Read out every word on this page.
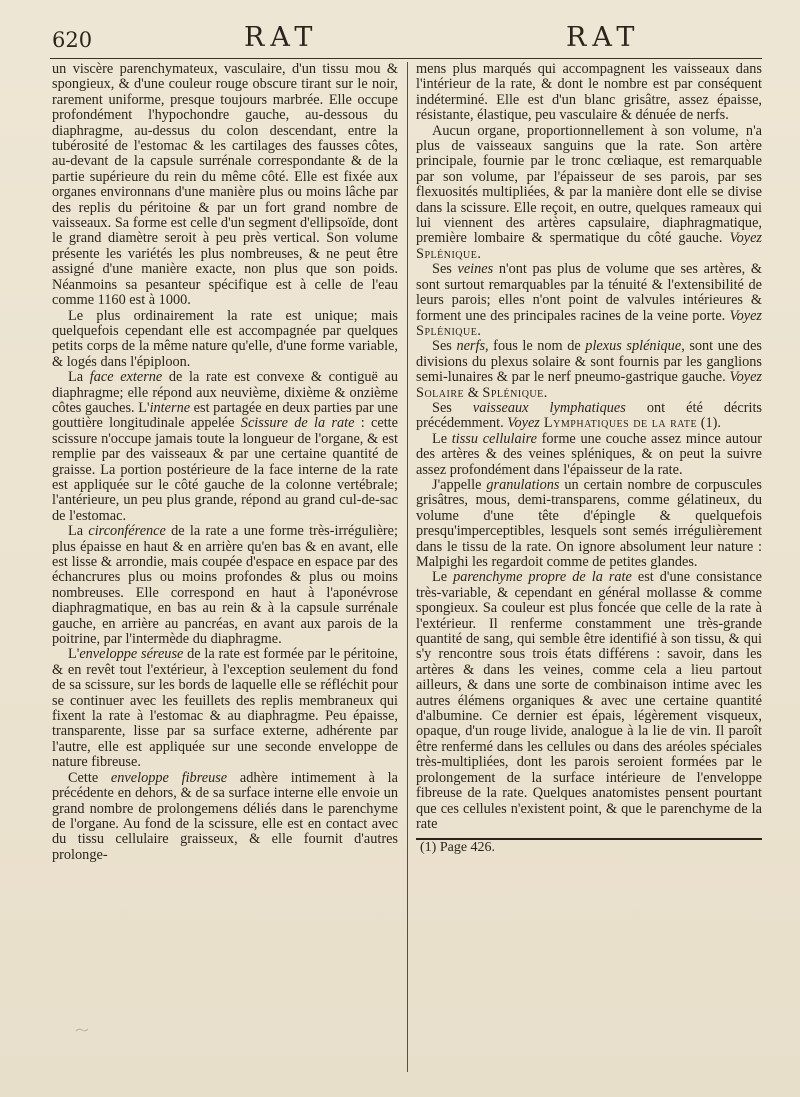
620	RAT	RAT

un viscère parenchymateux, vasculaire, d'un tissu mou & spongieux, & d'une couleur rouge obscure tirant sur le noir, rarement uniforme, presque toujours marbrée. Elle occupe profondément l'hypochondre gauche, au-dessous du diaphragme, au-dessus du colon descendant, entre la tubérosité de l'estomac & les cartilages des fausses côtes, au-devant de la capsule surrénale correspondante & de la partie supérieure du rein du même côté. Elle est fixée aux organes environnans d'une manière plus ou moins lâche par des replis du péritoine & par un fort grand nombre de vaisseaux. Sa forme est celle d'un segment d'ellipsoïde, dont le grand diamètre seroit à peu près vertical. Son volume présente les variétés les plus nombreuses, & ne peut être assigné d'une manière exacte, non plus que son poids. Néanmoins sa pesanteur spécifique est à celle de l'eau comme 1160 est à 1000.

Le plus ordinairement la rate est unique; mais quelquefois cependant elle est accompagnée par quelques petits corps de la même nature qu'elle, d'une forme variable, & logés dans l'épiploon.

La face externe de la rate est convexe & contiguë au diaphragme; elle répond aux neuvième, dixième & onzième côtes gauches. L'interne est partagée en deux parties par une gouttière longitudinale appelée Scissure de la rate : cette scissure n'occupe jamais toute la longueur de l'organe, & est remplie par des vaisseaux & par une certaine quantité de graisse. La portion postérieure de la face interne de la rate est appliquée sur le côté gauche de la colonne vertébrale; l'antérieure, un peu plus grande, répond au grand cul-de-sac de l'estomac.

La circonférence de la rate a une forme très-irrégulière; plus épaisse en haut & en arrière qu'en bas & en avant, elle est lisse & arrondie, mais coupée d'espace en espace par des échancrures plus ou moins profondes & plus ou moins nombreuses. Elle correspond en haut à l'aponévrose diaphragmatique, en bas au rein & à la capsule surrénale gauche, en arrière au pancréas, en avant aux parois de la poitrine, par l'intermède du diaphragme.

L'enveloppe séreuse de la rate est formée par le péritoine, & en revêt tout l'extérieur, à l'exception seulement du fond de sa scissure, sur les bords de laquelle elle se réfléchit pour se continuer avec les feuillets des replis membraneux qui fixent la rate à l'estomac & au diaphragme. Peu épaisse, transparente, lisse par sa surface externe, adhérente par l'autre, elle est appliquée sur une seconde enveloppe de nature fibreuse.

Cette enveloppe fibreuse adhère intimement à la précédente en dehors, & de sa surface interne elle envoie un grand nombre de prolongemens déliés dans le parenchyme de l'organe. Au fond de la scissure, elle est en contact avec du tissu cellulaire graisseux, & elle fournit d'autres prolonge-

mens plus marqués qui accompagnent les vaisseaux dans l'intérieur de la rate, & dont le nombre est par conséquent indéterminé. Elle est d'un blanc grisâtre, assez épaisse, résistante, élastique, peu vasculaire & dénuée de nerfs.

Aucun organe, proportionnellement à son volume, n'a plus de vaisseaux sanguins que la rate. Son artère principale, fournie par le tronc cœliaque, est remarquable par son volume, par l'épaisseur de ses parois, par ses flexuosités multipliées, & par la manière dont elle se divise dans la scissure. Elle reçoit, en outre, quelques rameaux qui lui viennent des artères capsulaire, diaphragmatique, première lombaire & spermatique du côté gauche. Voyez Splénique.

Ses veines n'ont pas plus de volume que ses artères, & sont surtout remarquables par la ténuité & l'extensibilité de leurs parois; elles n'ont point de valvules intérieures & forment une des principales racines de la veine porte. Voyez Splénique.

Ses nerfs, fous le nom de plexus splénique, sont une des divisions du plexus solaire & sont fournis par les ganglions semi-lunaires & par le nerf pneumo-gastrique gauche. Voyez Solaire & Splénique.

Ses vaisseaux lymphatiques ont été décrits précédemment. Voyez Lymphatiques de la rate (1).

Le tissu cellulaire forme une couche assez mince autour des artères & des veines spléniques, & on peut la suivre assez profondément dans l'épaisseur de la rate.

J'appelle granulations un certain nombre de corpuscules grisâtres, mous, demi-transparens, comme gélatineux, du volume d'une tête d'épingle & quelquefois presqu'imperceptibles, lesquels sont semés irrégulièrement dans le tissu de la rate. On ignore absolument leur nature : Malpighi les regardoit comme de petites glandes.

Le parenchyme propre de la rate est d'une consistance très-variable, & cependant en général mollasse & comme spongieux. Sa couleur est plus foncée que celle de la rate à l'extérieur. Il renferme constamment une très-grande quantité de sang, qui semble être identifié à son tissu, & qui s'y rencontre sous trois états différens : savoir, dans les artères & dans les veines, comme cela a lieu partout ailleurs, & dans une sorte de combinaison intime avec les autres élémens organiques & avec une certaine quantité d'albumine. Ce dernier est épais, légèrement visqueux, opaque, d'un rouge livide, analogue à la lie de vin. Il paroît être renfermé dans les cellules ou dans des aréoles spéciales très-multipliées, dont les parois seroient formées par le prolongement de la surface intérieure de l'enveloppe fibreuse de la rate. Quelques anatomistes pensent pourtant que ces cellules n'existent point, & que le parenchyme de la rate

(1) Page 426.
